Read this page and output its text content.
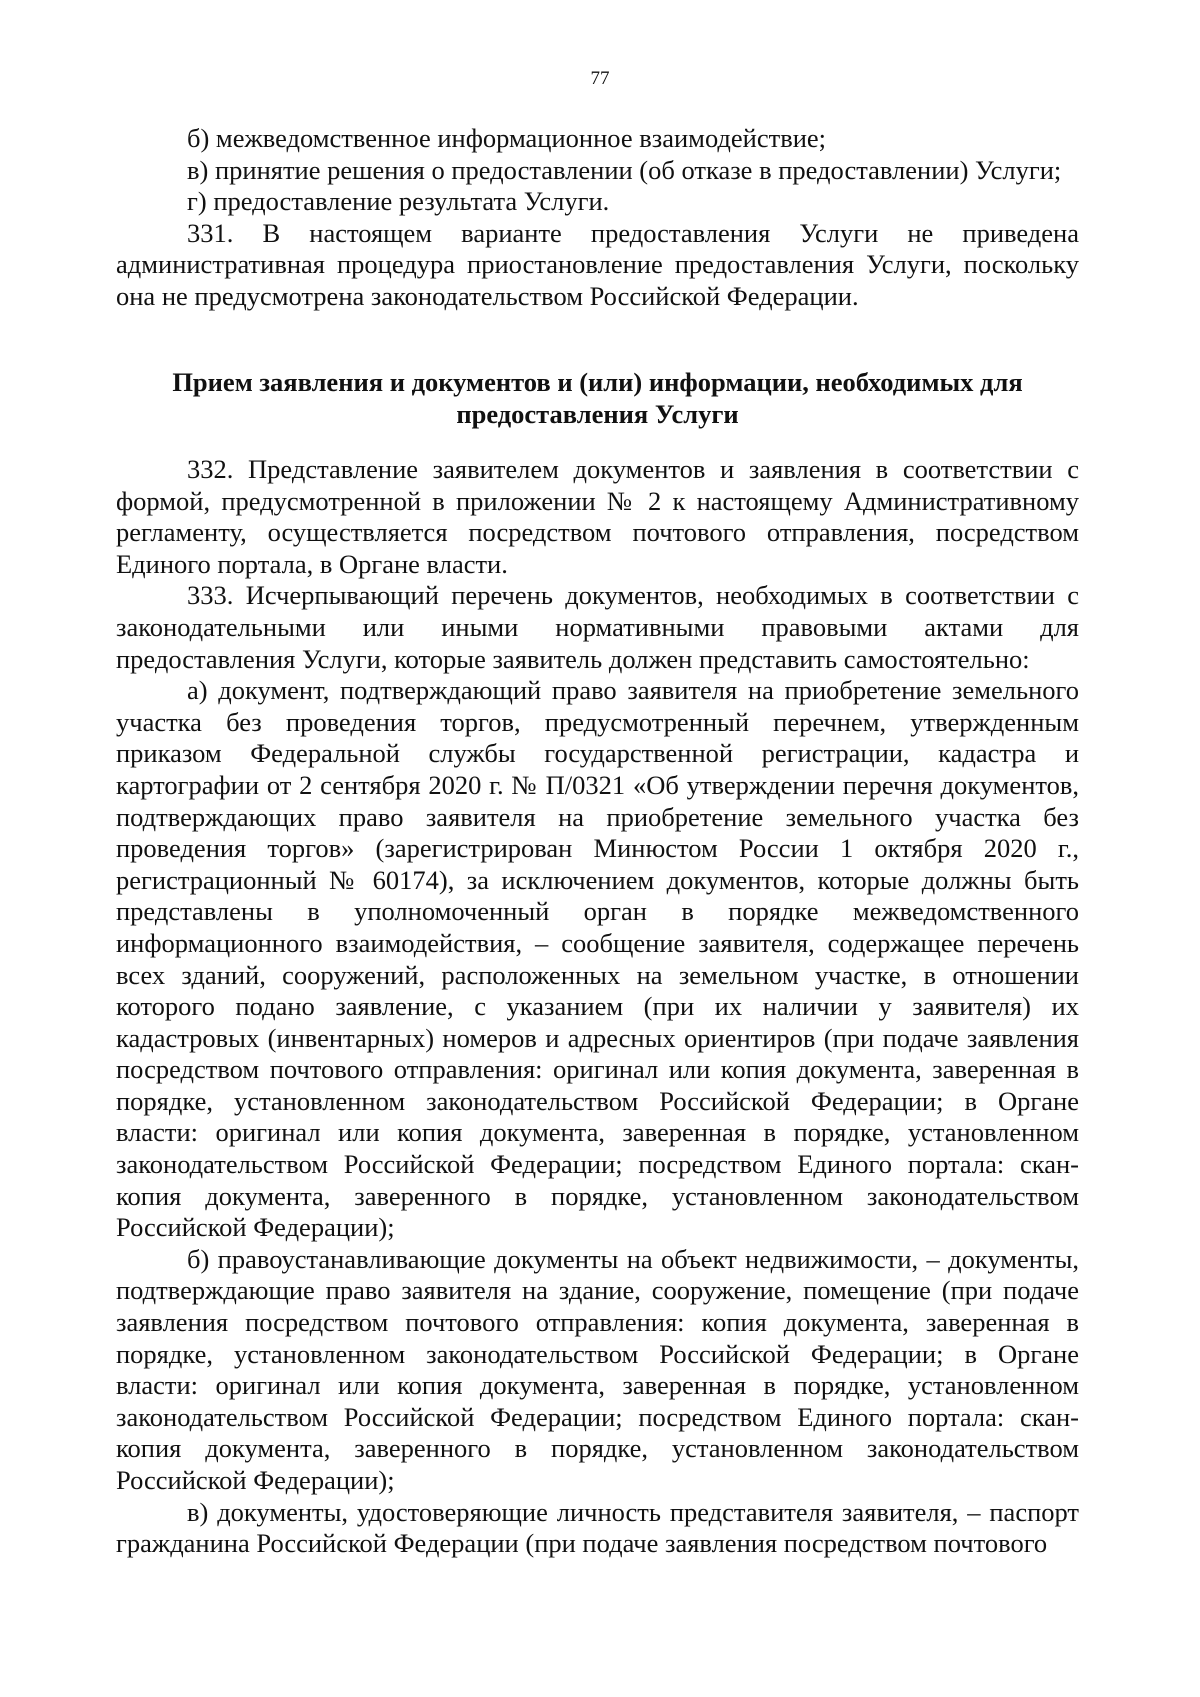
77

б) межведомственное информационное взаимодействие;

в) принятие решения о предоставлении (об отказе в предоставлении) Услуги;

г) предоставление результата Услуги.

331. В настоящем варианте предоставления Услуги не приведена административная процедура приостановление предоставления Услуги, поскольку она не предусмотрена законодательством Российской Федерации.

Прием заявления и документов и (или) информации, необходимых для
предоставления Услуги

332. Представление заявителем документов и заявления в соответствии с формой, предусмотренной в приложении № 2 к настоящему Административному регламенту, осуществляется посредством почтового отправления, посредством Единого портала, в Органе власти.

333. Исчерпывающий перечень документов, необходимых в соответствии с законодательными или иными нормативными правовыми актами для предоставления Услуги, которые заявитель должен представить самостоятельно:

а) документ, подтверждающий право заявителя на приобретение земельного участка без проведения торгов, предусмотренный перечнем, утвержденным приказом Федеральной службы государственной регистрации, кадастра и картографии от 2 сентября 2020 г. № П/0321 «Об утверждении перечня документов, подтверждающих право заявителя на приобретение земельного участка без проведения торгов» (зарегистрирован Минюстом России 1 октября 2020 г., регистрационный № 60174), за исключением документов, которые должны быть представлены в уполномоченный орган в порядке межведомственного информационного взаимодействия, – сообщение заявителя, содержащее перечень всех зданий, сооружений, расположенных на земельном участке, в отношении которого подано заявление, с указанием (при их наличии у заявителя) их кадастровых (инвентарных) номеров и адресных ориентиров (при подаче заявления посредством почтового отправления: оригинал или копия документа, заверенная в порядке, установленном законодательством Российской Федерации; в Органе власти: оригинал или копия документа, заверенная в порядке, установленном законодательством Российской Федерации; посредством Единого портала: скан-копия документа, заверенного в порядке, установленном законодательством Российской Федерации);

б) правоустанавливающие документы на объект недвижимости, – документы, подтверждающие право заявителя на здание, сооружение, помещение (при подаче заявления посредством почтового отправления: копия документа, заверенная в порядке, установленном законодательством Российской Федерации; в Органе власти: оригинал или копия документа, заверенная в порядке, установленном законодательством Российской Федерации; посредством Единого портала: скан-копия документа, заверенного в порядке, установленном законодательством Российской Федерации);

в) документы, удостоверяющие личность представителя заявителя, – паспорт гражданина Российской Федерации (при подаче заявления посредством почтового
